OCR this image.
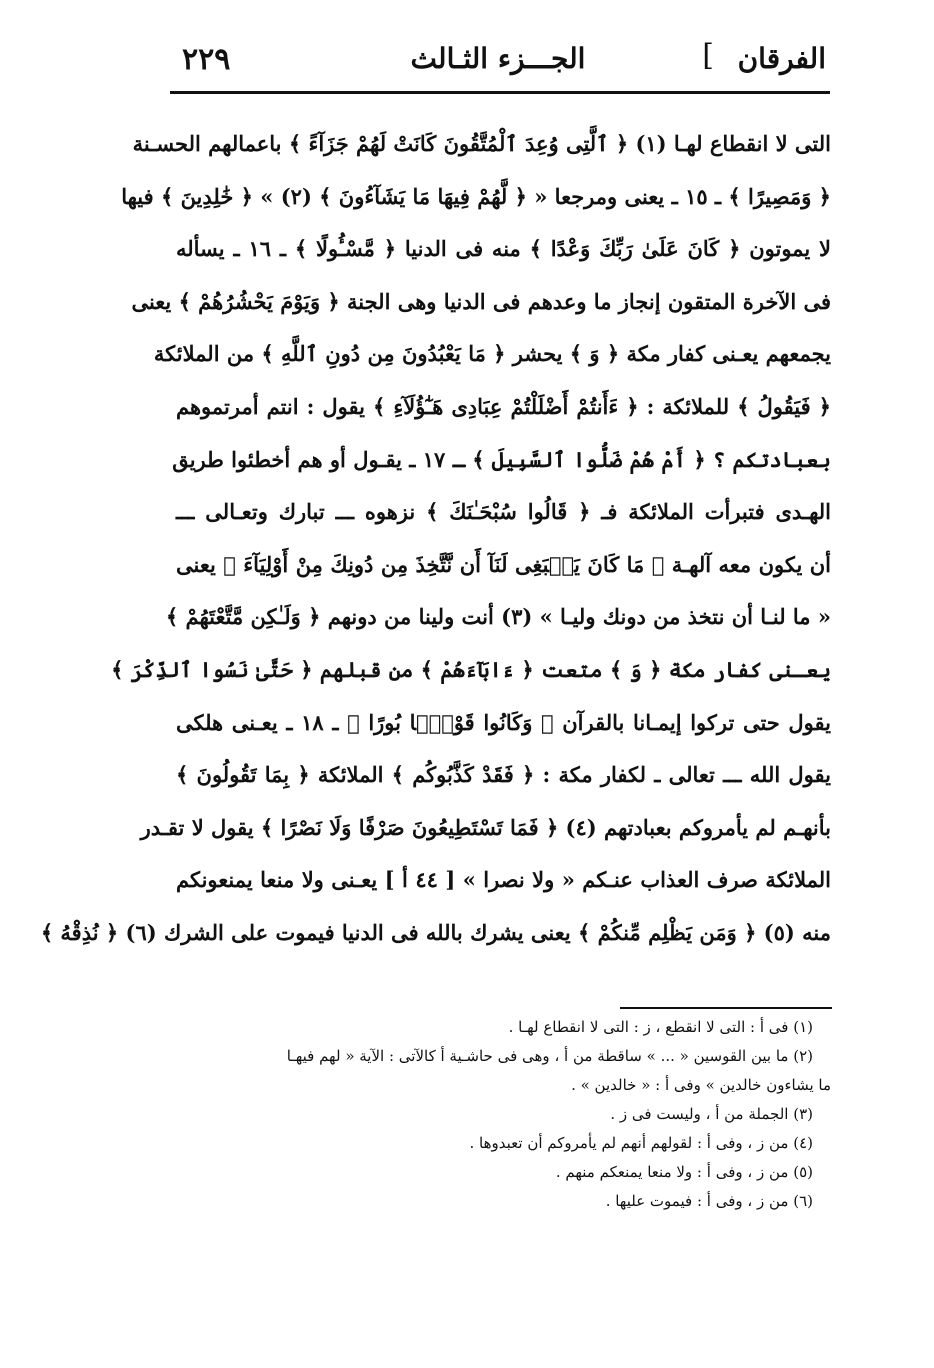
الفرقان
]
الجـــزء الثـالث
٢٢٩
التى لا انقطاع لهـا (١) ﴿ ٱلَّتِى وُعِدَ ٱلْمُتَّقُونَ كَانَتْ لَهُمْ جَزَآءً ﴾ باعمالهم الحسـنة
﴿ وَمَصِيرًا ﴾ ـ ١٥ ـ يعنى ومرجعا « ﴿ لَّهُمْ فِيهَا مَا يَشَآءُونَ ﴾ (٢) » ﴿ خَٰلِدِينَ ﴾ فيها
لا يموتون ﴿ كَانَ عَلَىٰ رَبِّكَ وَعْدًا ﴾ منه فى الدنيا ﴿ مَّسْـُٔولًا ﴾ ـ ١٦ ـ يسأله
فى الآخرة المتقون إنجاز ما وعدهم فى الدنيا وهى الجنة ﴿ وَيَوْمَ يَحْشُرُهُمْ ﴾ يعنى
يجمعهم يعـنى كفار مكة ﴿ وَ ﴾ يحشر ﴿ مَا يَعْبُدُونَ مِن دُونِ ٱللَّهِ ﴾ من الملائكة
﴿ فَيَقُولُ ﴾ للملائكة : ﴿ ءَأَنتُمْ أَضْلَلْتُمْ عِبَادِى هَـٰٓؤُلَآءِ ﴾ يقول : انتم أمرتموهم
بعبادتكم ؟ ﴿ أَمْ هُمْ ضَلُّوا ٱلسَّبِيلَ ﴾ ـ ١٧ ـ يقـول أو هم أخطئوا طريق
الهـدى فتبرأت الملائكة فـ ﴿ قَالُوا سُبْحَـٰنَكَ ﴾ نزهوه ـــ تبارك وتعـالى ـــ
أن يكون معه آلهـة ﴿ مَا كَانَ يَنۢبَغِى لَنَآ أَن نَّتَّخِذَ مِن دُونِكَ مِنْ أَوْلِيَآءَ ﴾ يعنى
« ما لنـا أن نتخذ من دونك وليـا » (٣) أنت ولينا من دونهم ﴿ وَلَـٰكِن مَّتَّعْتَهُمْ ﴾
يعـنى كفار مكة ﴿ وَ ﴾ متعت ﴿ ءَابَآءَهُمْ ﴾ من قبلهم ﴿ حَتَّىٰ نَسُوا ٱلذِّكْرَ ﴾
يقول حتى تركوا إيمـانا بالقرآن ﴿ وَكَانُوا قَوْمًۢا بُورًا ﴾ ـ ١٨ ـ يعـنى هلكى
يقول الله ـــ تعالى ـ لكفار مكة : ﴿ فَقَدْ كَذَّبُوكُم ﴾ الملائكة ﴿ بِمَا تَقُولُونَ ﴾
بأنهـم لم يأمروكم بعبادتهم (٤) ﴿ فَمَا تَسْتَطِيعُونَ صَرْفًا وَلَا نَصْرًا ﴾ يقول لا تقـدر
الملائكة صرف العذاب عنـكم « ولا نصرا » [ ٤٤ أ ] يعـنى ولا منعا يمنعونكم
منه (٥) ﴿ وَمَن يَظْلِم مِّنكُمْ ﴾ يعنى يشرك بالله فى الدنيا فيموت على الشرك (٦) ﴿ نُذِقْهُ ﴾
(١) فى أ : التى لا انقطع ، ز : التى لا انقطاع لهـا .
(٢) ما بين القوسين « ... » ساقطة من أ ، وهى فى حاشـية أ كالآتى : الآية « لهم فيهـا
ما يشاءون خالدين » وفى أ : « خالدين » .
(٣) الجملة من أ ، وليست فى ز .
(٤) من ز ، وفى أ : لقولهم أنهم لم يأمروكم أن تعبدوها .
(٥) من ز ، وفى أ : ولا منعا يمنعكم منهم .
(٦) من ز ، وفى أ : فيموت عليها .
